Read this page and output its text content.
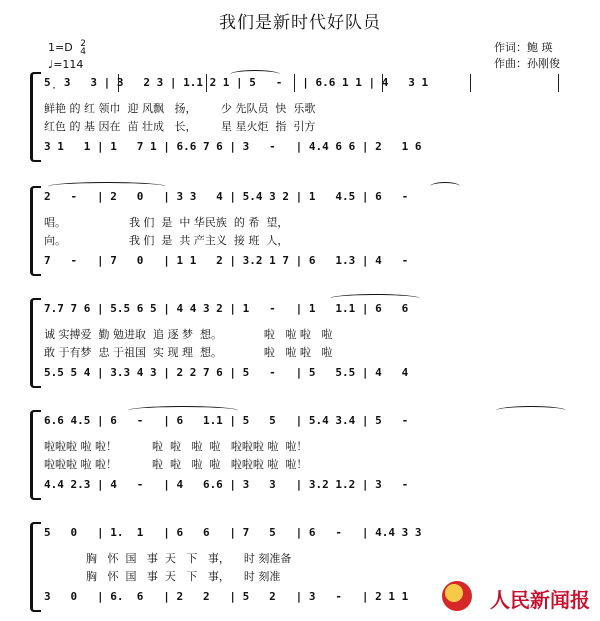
我们是新时代好队员
1=D 2
4
♩=114
作词：鲍 瑛
作曲：孙刚俊
5̣ 3   3 | 3   2 3 | 1.1 2 1 | 5   -   | 6.6 1 1 | 4   3 1
鲜艳 的 红 领巾  迎 风飘   扬，       少 先队员  快  乐歌
红色 的 基 因在  苗 壮成   长，       星 星火炬  指  引方
3 1   1 | 1   7 1 | 6.6 7 6 | 3   -   | 4.4 6 6 | 2   1 6
2   -   | 2   0   | 3 3   4 | 5.4 3 2 | 1   4.5 | 6   -
唱。                  我 们  是  中 华民族  的 希  望，
向。                  我 们  是  共 产主义  接 班  人，
7   -   | 7   0   | 1 1   2 | 3.2 1 7 | 6   1.3 | 4   -
7.7 7 6 | 5.5 6 5 | 4 4 3 2 | 1   -   | 1   1.1 | 6   6
诚 实搏爱  勤 勉进取  追 逐 梦  想。            啦   啦 啦   啦
敢 于有梦  忠 于祖国  实 现 理  想。            啦   啦 啦   啦
5.5 5 4 | 3.3 4 3 | 2 2 7 6 | 5   -   | 5   5.5 | 4   4
6.6 4.5 | 6   -   | 6   1.1 | 5   5   | 5.4 3.4 | 5   -
啦啦啦 啦 啦！          啦  啦   啦  啦   啦啦啦 啦  啦！
啦啦啦 啦 啦！          啦  啦   啦  啦   啦啦啦 啦  啦！
4.4 2.3 | 4   -   | 4   6.6 | 3   3   | 3.2 1.2 | 3   -
5   0   | 1.  1   | 6   6   | 7   5   | 6   -   | 4.4 3 3
胸   怀  国   事  天   下   事，    时 刻准备
胸   怀  国   事  天   下   事，    时 刻准
3   0   | 6.  6   | 2   2   | 5   2   | 3   -   | 2 1 1	人民新闻报
